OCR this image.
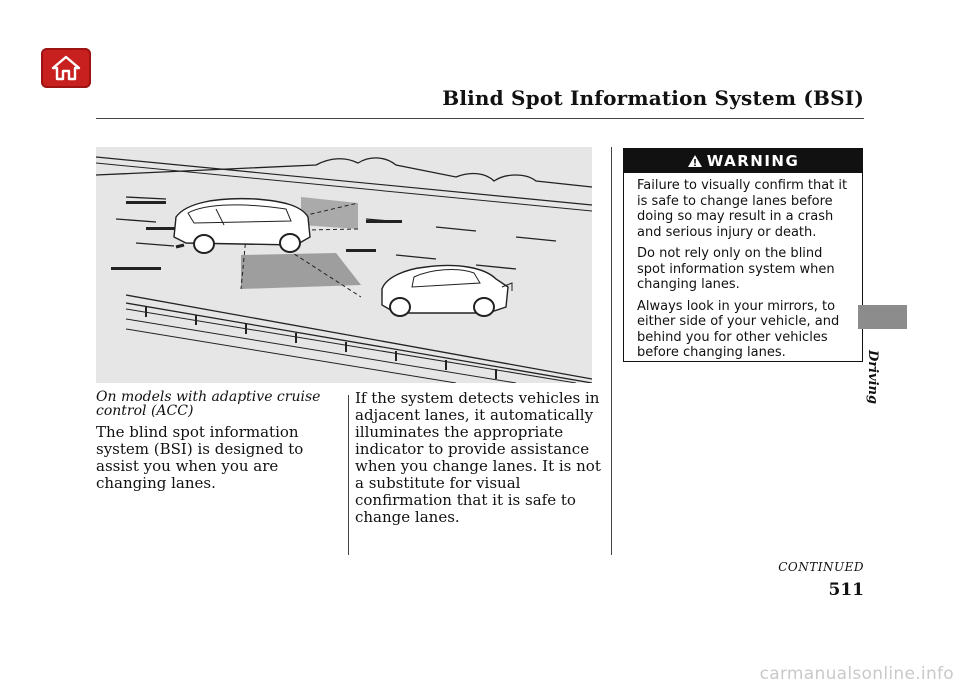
Blind Spot Information System (BSI)
On models with adaptive cruise control (ACC)
The blind spot information system (BSI) is designed to assist you when you are changing lanes.
If the system detects vehicles in adjacent lanes, it automatically illuminates the appropriate indicator to provide assistance when you change lanes. It is not a substitute for visual confirmation that it is safe to change lanes.
WARNING

Failure to visually confirm that it is safe to change lanes before doing so may result in a crash and serious injury or death.

Do not rely only on the blind spot information system when changing lanes.

Always look in your mirrors, to either side of your vehicle, and behind you for other vehicles before changing lanes.	Driving
CONTINUED
511
carmanualsonline.info
